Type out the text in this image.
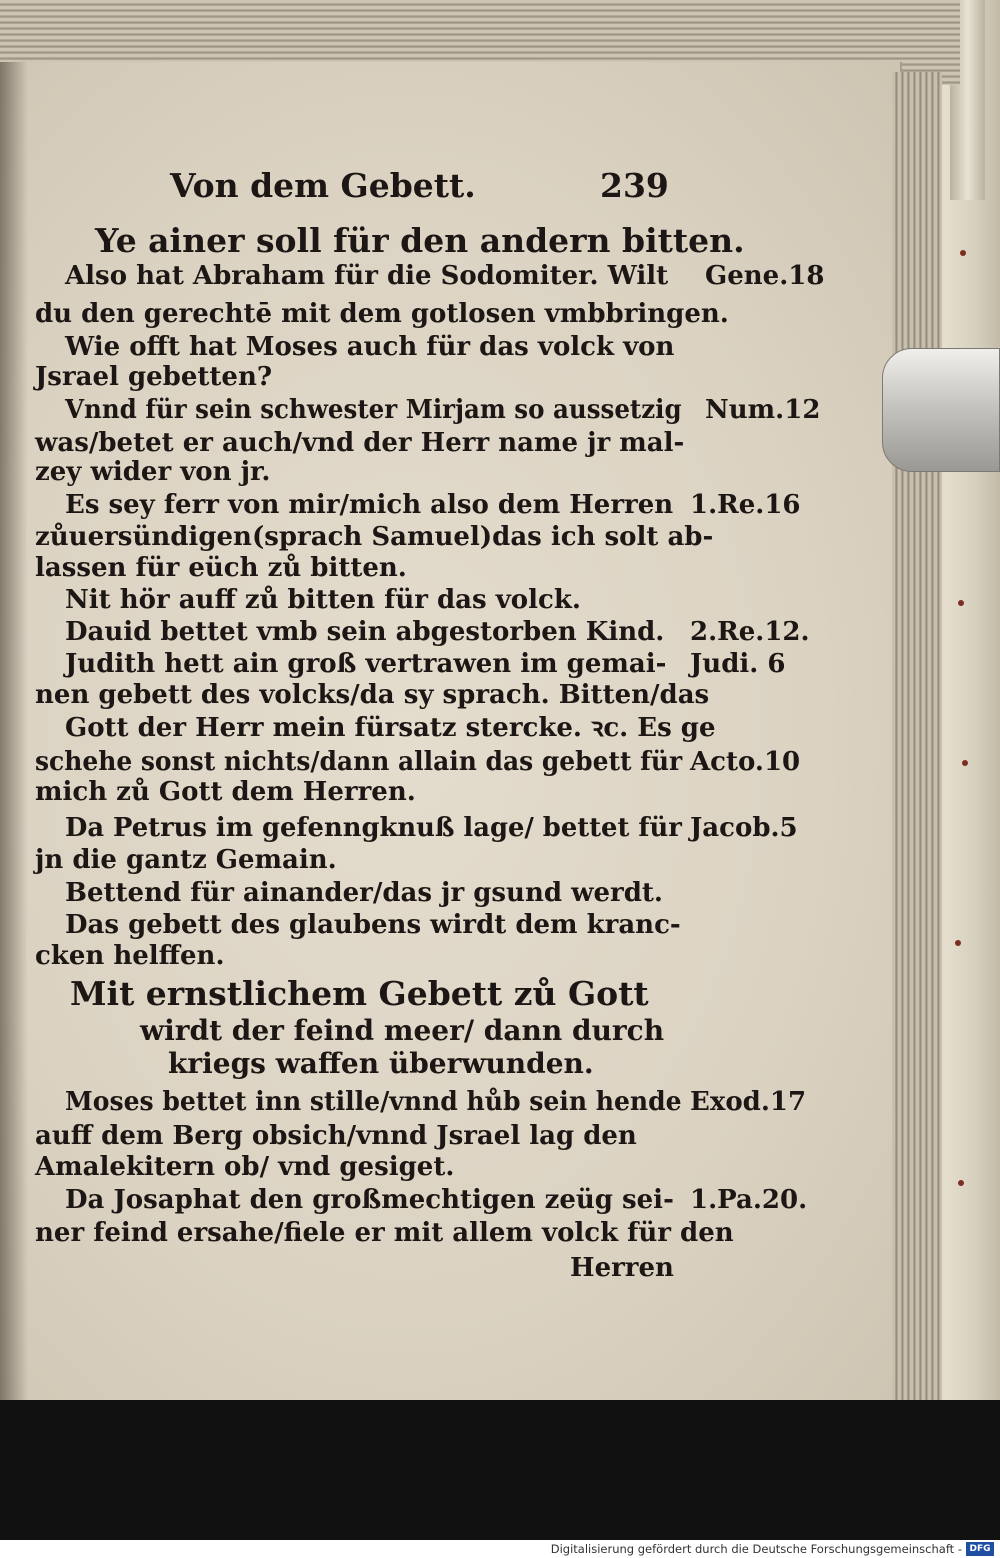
Von dem Gebett.	239
Ye ainer soll für den andern bitten.
Also hat Abraham für die Sodomiter. Wilt Gene.18
du den gerechtē mit dem gotlosen vmbbringen.
Wie offt hat Moses auch für das volck von
Jsrael gebetten?
Vnnd für sein schwester Mirjam so aussetzig Num.12
was/betet er auch/vnd der Herr name jr mal-
zey wider von jr.
Es sey ferr von mir/mich also dem Herren 1.Re.16
zůuersündigen(sprach Samuel)das ich solt ab-
lassen für eüch zů bitten.
Nit hör auff zů bitten für das volck.
Dauid bettet vmb sein abgestorben Kind. 2.Re.12.
Judith hett ain groß vertrawen im gemai- Judi. 6
nen gebett des volcks/da sy sprach. Bitten/das
Gott der Herr mein fürsatz stercke. ꝛc. Es ge
schehe sonst nichts/dann allain das gebett für Acto.10
mich zů Gott dem Herren.
Da Petrus im gefenngknuß lage/ bettet für Jacob.5
jn die gantz Gemain.
Bettend für ainander/das jr gsund werdt.
Das gebett des glaubens wirdt dem kranc-
cken helffen.
Mit ernstlichem Gebett zů Gott
wirdt der feind meer/ dann durch
kriegs waffen überwunden.
Moses bettet inn stille/vnnd hůb sein hende Exod.17
auff dem Berg obsich/vnnd Jsrael lag den
Amalekitern ob/ vnd gesiget.
Da Josaphat den großmechtigen zeüg sei- 1.Pa.20.
ner feind ersahe/fiele er mit allem volck für den
Herren
Digitalisierung gefördert durch die Deutsche Forschungsgemeinschaft - DFG
